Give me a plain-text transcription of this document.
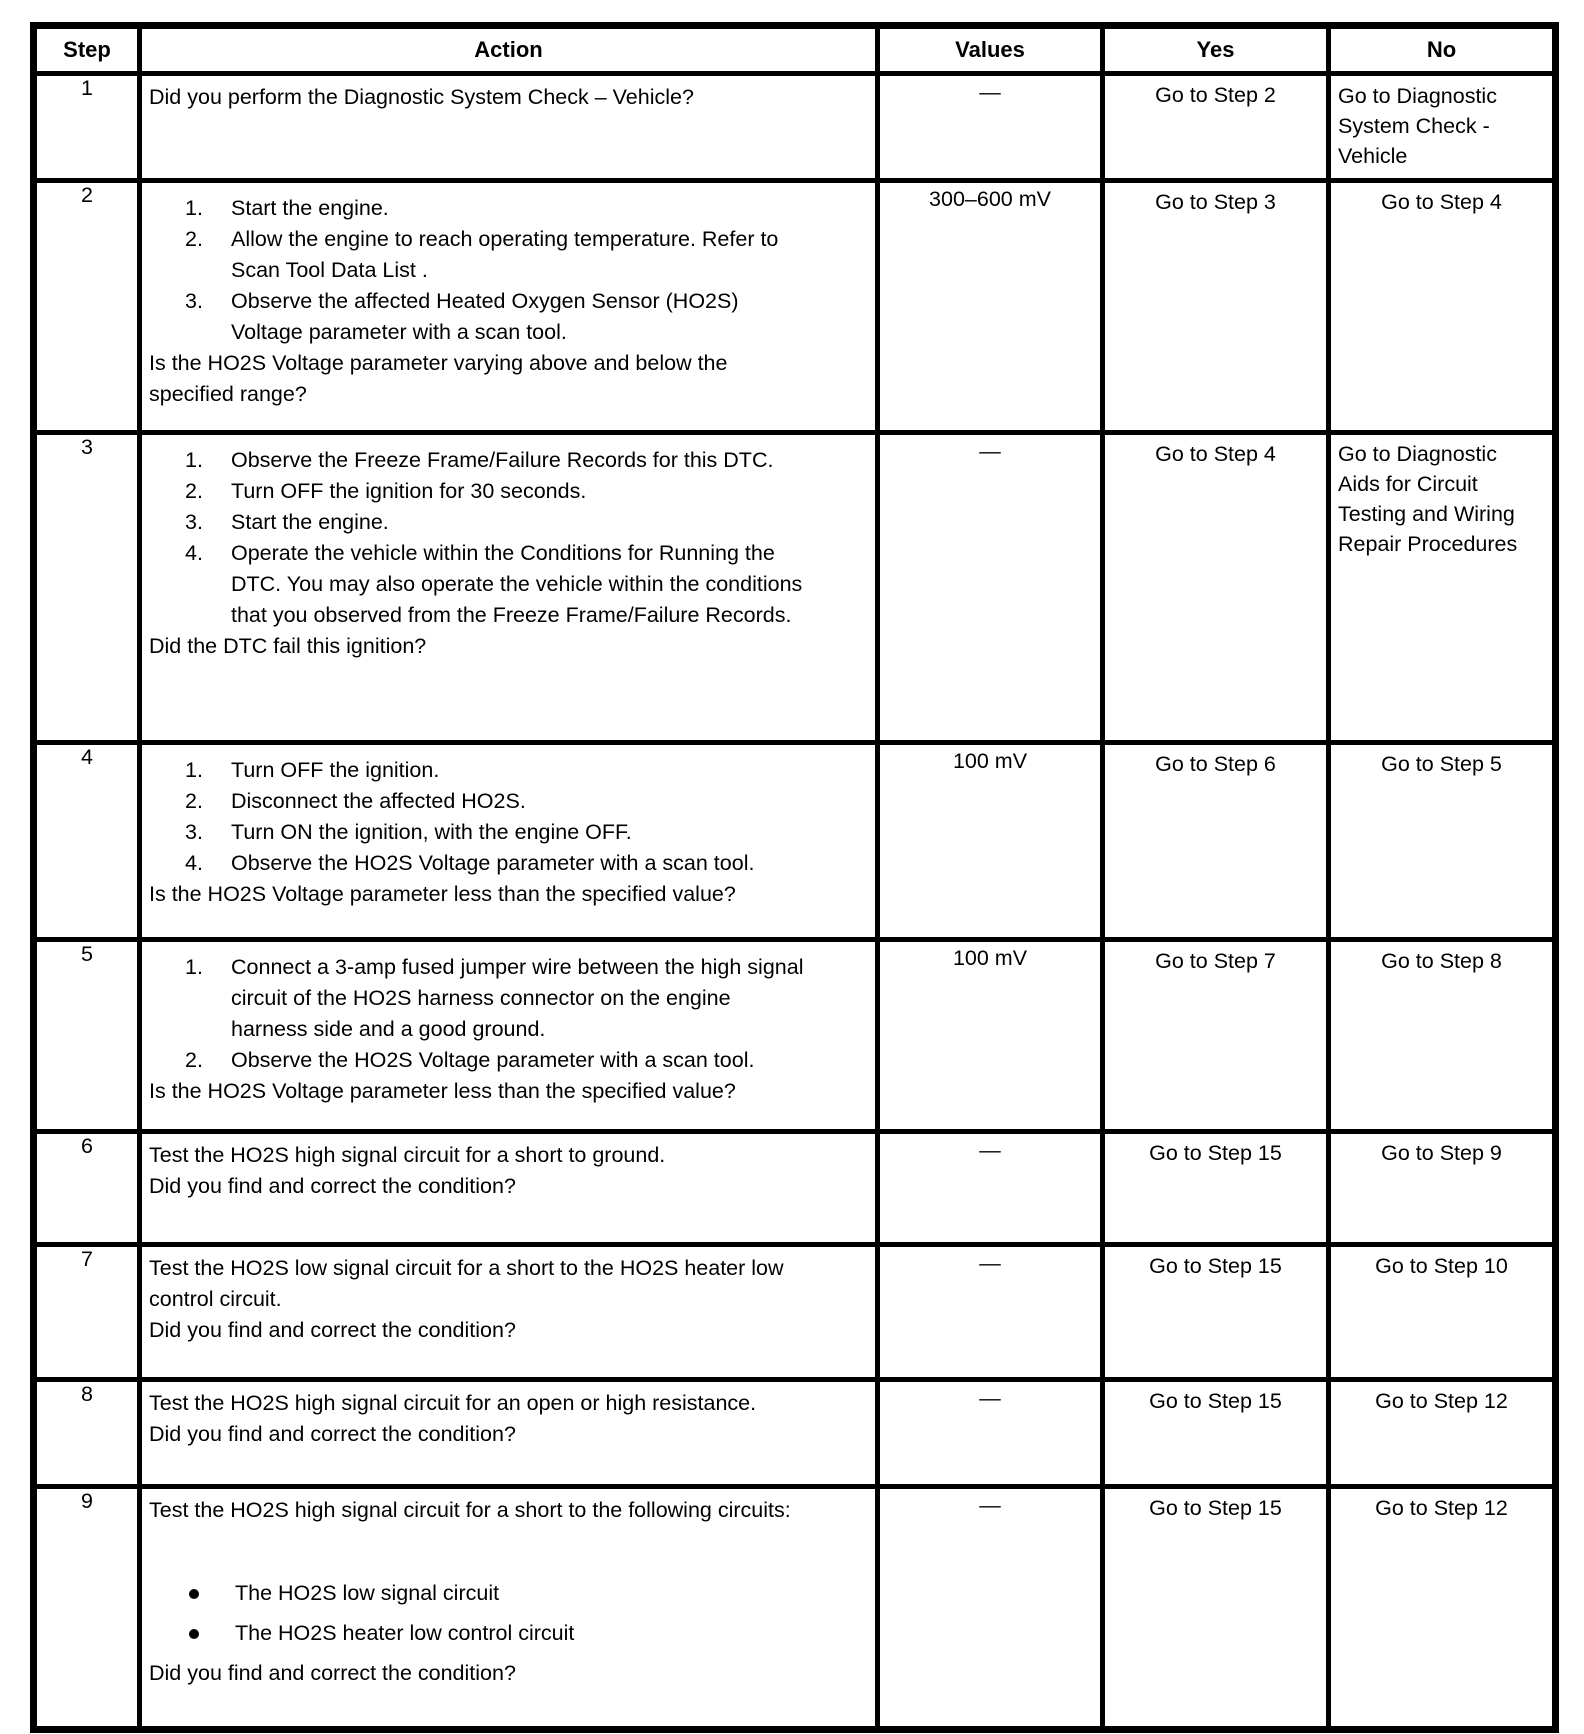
Step	Action	Values	Yes	No

1	Did you perform the Diagnostic System Check – Vehicle?	—	Go to Step 2	Go to Diagnostic System Check - Vehicle

2

1.	Start the engine.
2.	Allow the engine to reach operating temperature. Refer to Scan Tool Data List .
3.	Observe the affected Heated Oxygen Sensor (HO2S) Voltage parameter with a scan tool.
Is the HO2S Voltage parameter varying above and below the specified range?

300–600 mV	Go to Step 3	Go to Step 4

3

1.	Observe the Freeze Frame/Failure Records for this DTC.
2.	Turn OFF the ignition for 30 seconds.
3.	Start the engine.
4.	Operate the vehicle within the Conditions for Running the DTC. You may also operate the vehicle within the conditions that you observed from the Freeze Frame/Failure Records.
Did the DTC fail this ignition?

—	Go to Step 4	Go to Diagnostic Aids for Circuit Testing and Wiring Repair Procedures

4

1.	Turn OFF the ignition.
2.	Disconnect the affected HO2S.
3.	Turn ON the ignition, with the engine OFF.
4.	Observe the HO2S Voltage parameter with a scan tool.
Is the HO2S Voltage parameter less than the specified value?

100 mV	Go to Step 6	Go to Step 5

5	1. Connect a 3-amp fused jumper wire between the high signal circuit of the HO2S harness connector on the engine harness side and a good ground.
2. Observe the HO2S Voltage parameter with a scan tool.
Is the HO2S Voltage parameter less than the specified value?	100 mV	Go to Step 7	Go to Step 8

6	Test the HO2S high signal circuit for a short to ground.
Did you find and correct the condition?	—	Go to Step 15	Go to Step 9

7	Test the HO2S low signal circuit for a short to the HO2S heater low control circuit.
Did you find and correct the condition?	—	Go to Step 15	Go to Step 10

8	Test the HO2S high signal circuit for an open or high resistance.
Did you find and correct the condition?	—	Go to Step 15	Go to Step 12

9	Test the HO2S high signal circuit for a short to the following circuits:
The HO2S low signal circuit
The HO2S heater low control circuit
Did you find and correct the condition?	—	Go to Step 15	Go to Step 12
